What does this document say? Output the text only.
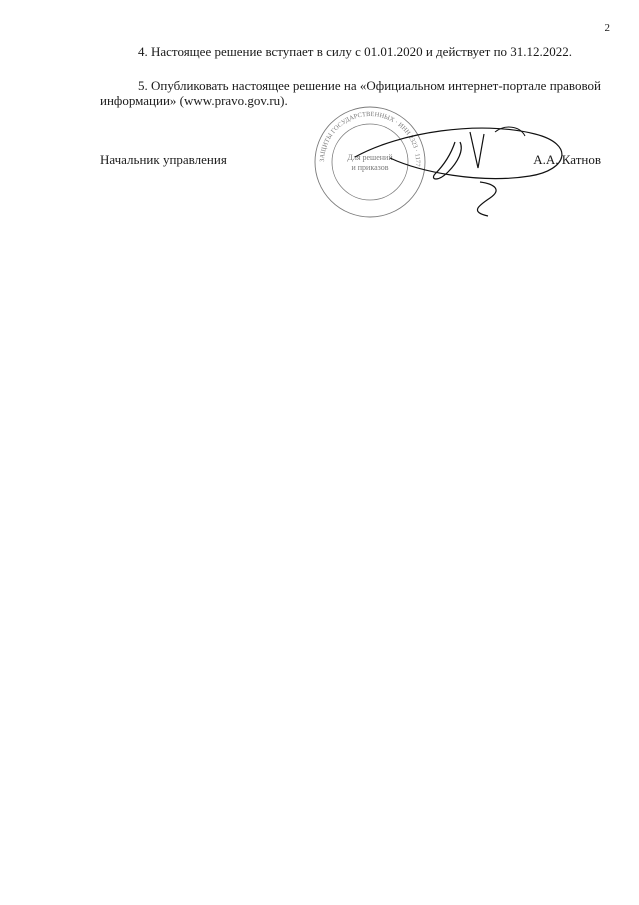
2
4. Настоящее решение вступает в силу с 01.01.2020 и действует по 31.12.2022.
5. Опубликовать настоящее решение на «Официальном интернет-портале правовой информации» (www.pravo.gov.ru).
Начальник управления	ЗАЩИТЫ ГОСУДАРСТВЕННЫХ · ИНН 2323 · 1177
Для решений
и приказов
А.А. Катнов
